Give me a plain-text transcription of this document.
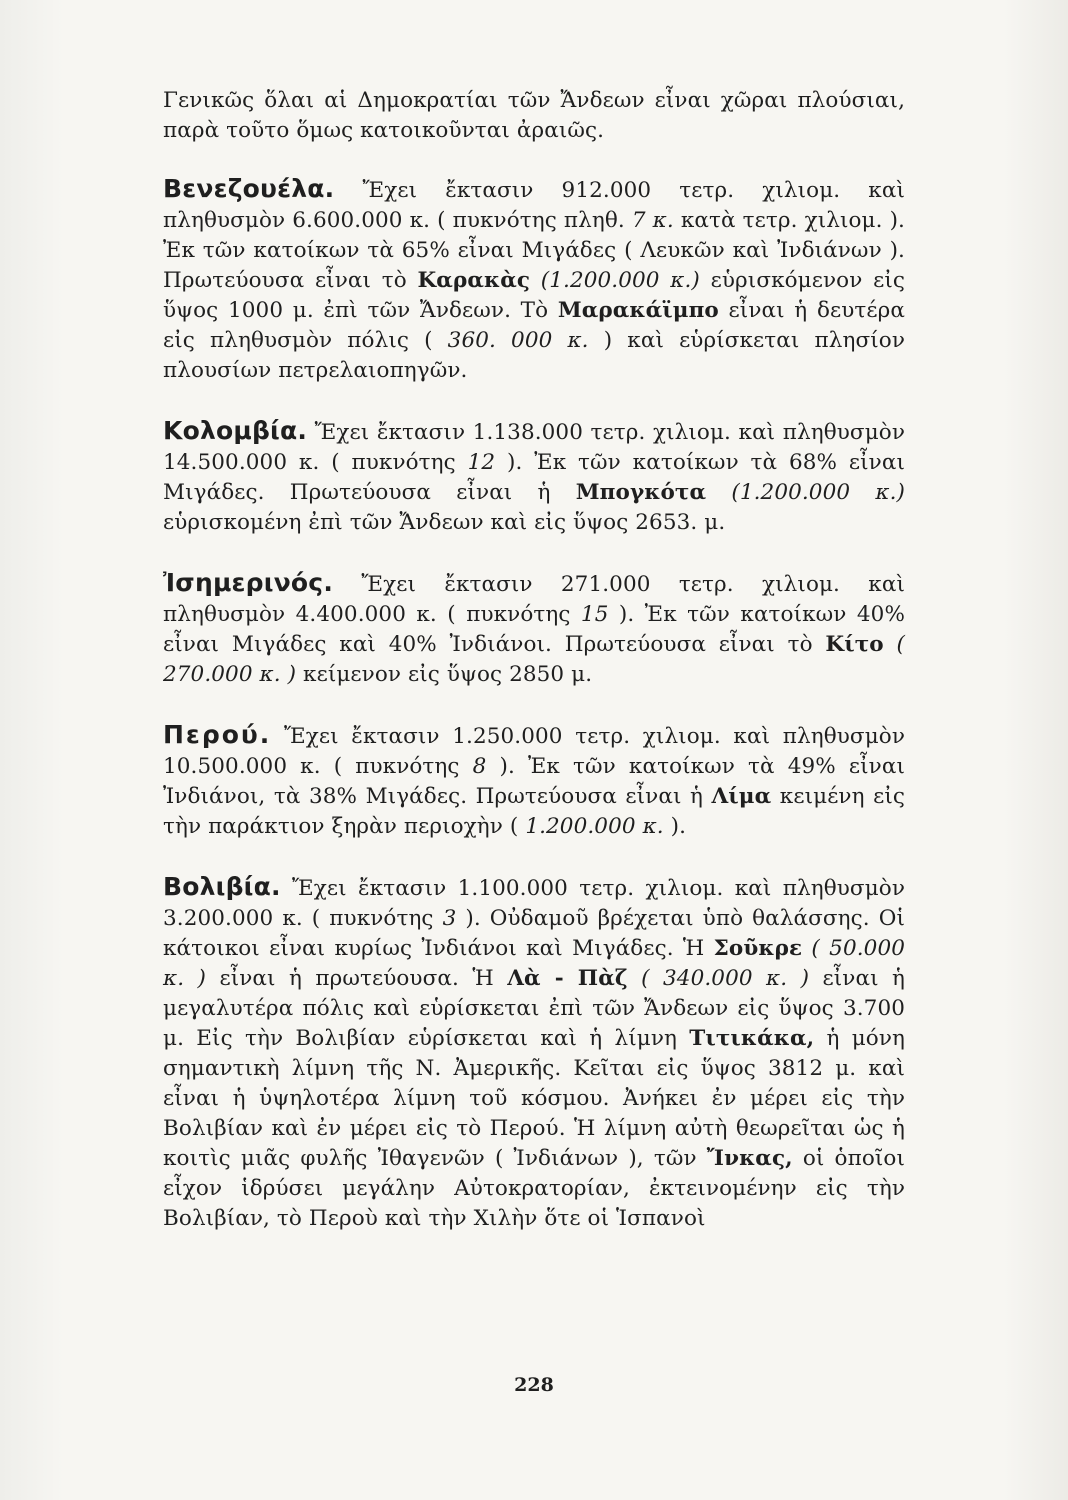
Γενικῶς ὅλαι αἱ Δημοκρατίαι τῶν Ἄνδεων εἶναι χῶραι πλούσιαι, παρὰ τοῦτο ὅμως κατοικοῦνται ἀραιῶς.

Βενεζουέλα. Ἔχει ἔκτασιν 912.000 τετρ. χιλιομ. καὶ πληθυσμὸν 6.600.000 κ. ( πυκνότης πληθ. 7 κ. κατὰ τετρ. χιλιομ. ). Ἐκ τῶν κατοίκων τὰ 65% εἶναι Μιγάδες ( Λευκῶν καὶ Ἰνδιάνων ). Πρωτεύουσα εἶναι τὸ Καρακὰς (1.200.000 κ.) εὑρισκόμενον εἰς ὕψος 1000 μ. ἐπὶ τῶν Ἄνδεων. Τὸ Μαρακάϊμπο εἶναι ἡ δευτέρα εἰς πληθυσμὸν πόλις ( 360. 000 κ. ) καὶ εὑρίσκεται πλησίον πλουσίων πετρελαιοπηγῶν.

Κολομβία. Ἔχει ἔκτασιν 1.138.000 τετρ. χιλιομ. καὶ πληθυσμὸν 14.500.000 κ. ( πυκνότης 12 ). Ἐκ τῶν κατοίκων τὰ 68% εἶναι Μιγάδες. Πρωτεύουσα εἶναι ἡ Μπογκότα (1.200.000 κ.) εὑρισκομένη ἐπὶ τῶν Ἄνδεων καὶ εἰς ὕψος 2653. μ.

Ἰσημερινός. Ἔχει ἔκτασιν 271.000 τετρ. χιλιομ. καὶ πληθυσμὸν 4.400.000 κ. ( πυκνότης 15 ). Ἐκ τῶν κατοίκων 40% εἶναι Μιγάδες καὶ 40% Ἰνδιάνοι. Πρωτεύουσα εἶναι τὸ Κίτο ( 270.000 κ. ) κείμενον εἰς ὕψος 2850 μ.

Περού. Ἔχει ἔκτασιν 1.250.000 τετρ. χιλιομ. καὶ πληθυσμὸν 10.500.000 κ. ( πυκνότης 8 ). Ἐκ τῶν κατοίκων τὰ 49% εἶναι Ἰνδιάνοι, τὰ 38% Μιγάδες. Πρωτεύουσα εἶναι ἡ Λίμα κειμένη εἰς τὴν παράκτιον ξηρὰν περιοχὴν ( 1.200.000 κ. ).

Βολιβία. Ἔχει ἔκτασιν 1.100.000 τετρ. χιλιομ. καὶ πληθυσμὸν 3.200.000 κ. ( πυκνότης 3 ). Οὐδαμοῦ βρέχεται ὑπὸ θαλάσσης. Οἱ κάτοικοι εἶναι κυρίως Ἰνδιάνοι καὶ Μιγάδες. Ἡ Σοῦκρε ( 50.000 κ. ) εἶναι ἡ πρωτεύουσα. Ἡ Λὰ - Πὰζ ( 340.000 κ. ) εἶναι ἡ μεγαλυτέρα πόλις καὶ εὑρίσκεται ἐπὶ τῶν Ἄνδεων εἰς ὕψος 3.700 μ. Εἰς τὴν Βολιβίαν εὑρίσκεται καὶ ἡ λίμνη Τιτικάκα, ἡ μόνη σημαντικὴ λίμνη τῆς Ν. Ἀμερικῆς. Κεῖται εἰς ὕψος 3812 μ. καὶ εἶναι ἡ ὑψηλοτέρα λίμνη τοῦ κόσμου. Ἀνήκει ἐν μέρει εἰς τὴν Βολιβίαν καὶ ἐν μέρει εἰς τὸ Περού. Ἡ λίμνη αὐτὴ θεωρεῖται ὡς ἡ κοιτὶς μιᾶς φυλῆς Ἰθαγενῶν ( Ἰνδιάνων ), τῶν Ἴνκας, οἱ ὁποῖοι εἶχον ἱδρύσει μεγάλην Αὐτοκρατορίαν, ἐκτεινομένην εἰς τὴν Βολιβίαν, τὸ Περοὺ καὶ τὴν Χιλὴν ὅτε οἱ Ἱσπανοὶ

228
